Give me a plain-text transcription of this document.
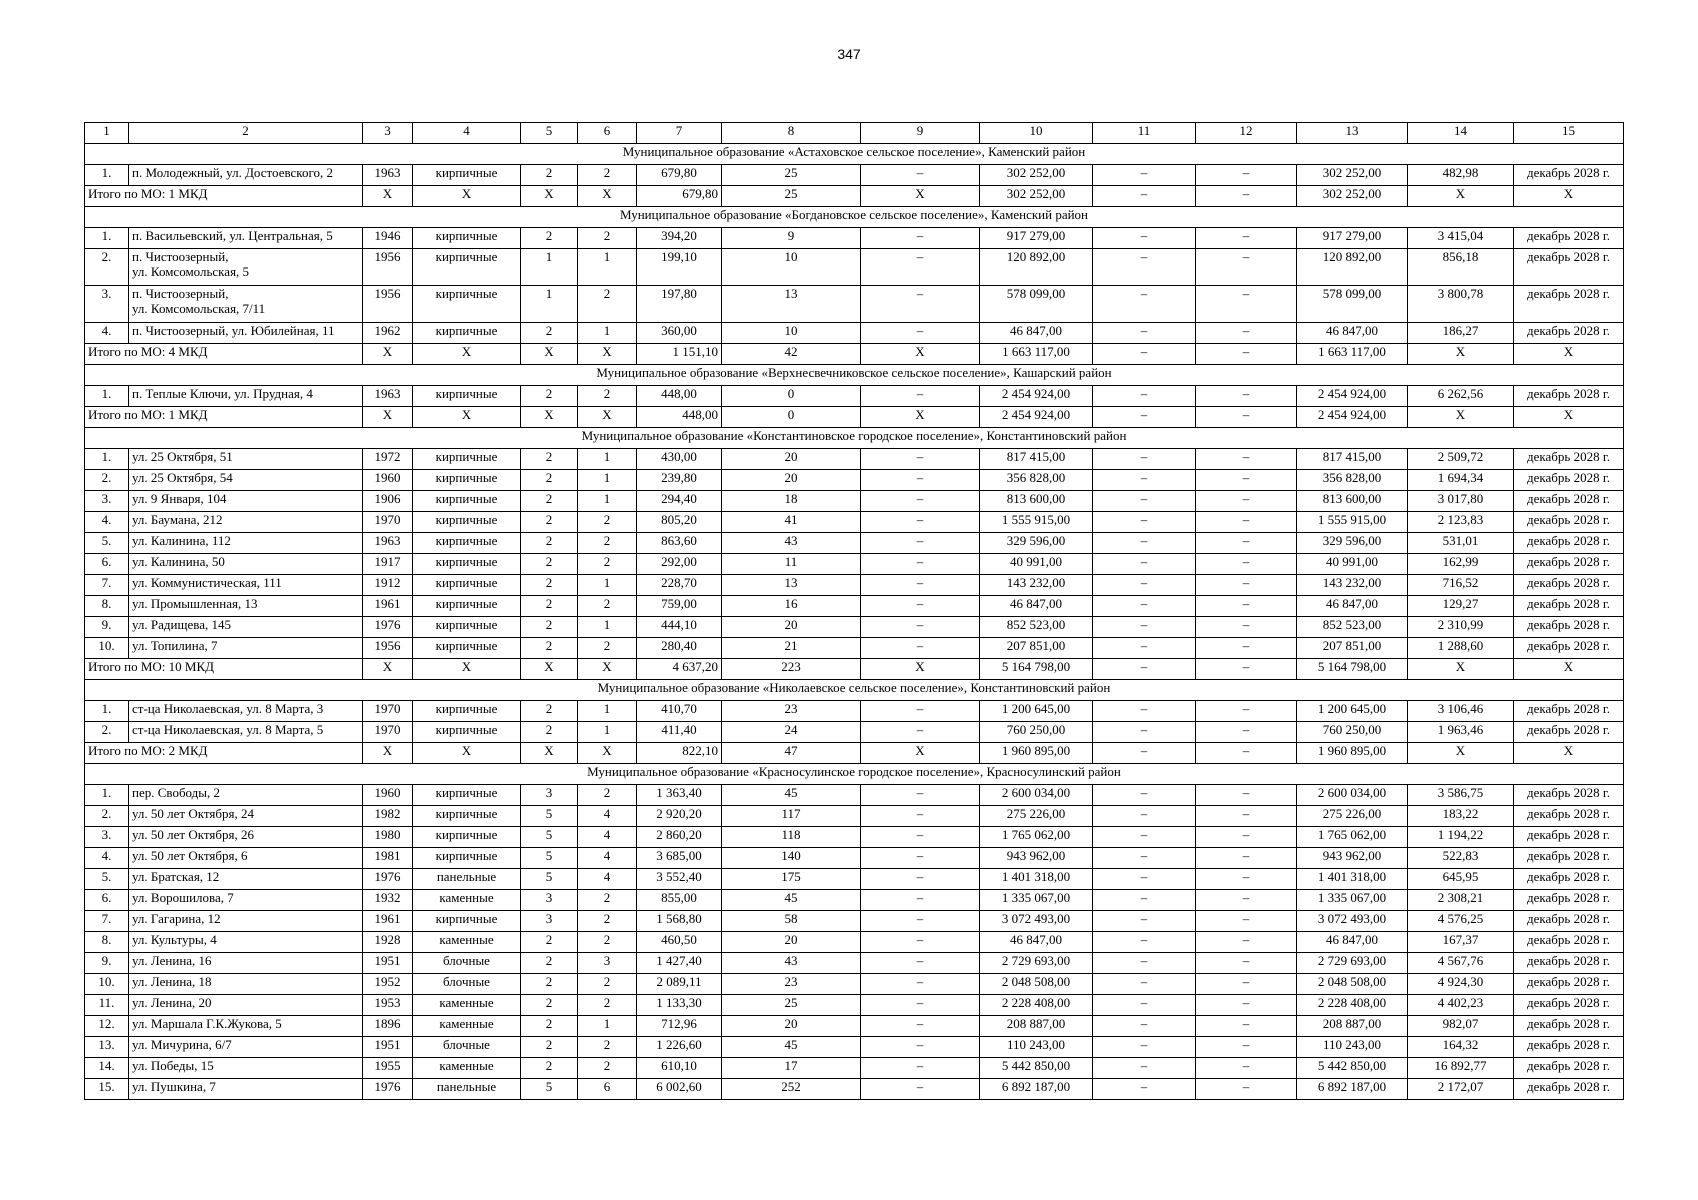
347
1	2	3	4	5	6	7	8	9	10	11	12	13	14	15
Муниципальное образование «Астаховское сельское поселение», Каменский район														
1.	п. Молодежный, ул. Достоевского, 2	1963	кирпичные	2	2	679,80	25	–	302 252,00	–	–	302 252,00	482,98	декабрь 2028 г.
Итого по МО: 1 МКД		X	X	X	X	679,80	25	X	302 252,00	–	–	302 252,00	X	X
Муниципальное образование «Богдановское сельское поселение», Каменский район														
1.	п. Васильевский, ул. Центральная, 5	1946	кирпичные	2	2	394,20	9	–	917 279,00	–	–	917 279,00	3 415,04	декабрь 2028 г.
2.	п. Чистоозерный,
ул. Комсомольская, 5	1956	кирпичные	1	1	199,10	10	–	120 892,00	–	–	120 892,00	856,18	декабрь 2028 г.
3.	п. Чистоозерный,
ул. Комсомольская, 7/11	1956	кирпичные	1	2	197,80	13	–	578 099,00	–	–	578 099,00	3 800,78	декабрь 2028 г.
4.	п. Чистоозерный, ул. Юбилейная, 11	1962	кирпичные	2	1	360,00	10	–	46 847,00	–	–	46 847,00	186,27	декабрь 2028 г.
Итого по МО: 4 МКД		X	X	X	X	1 151,10	42	X	1 663 117,00	–	–	1 663 117,00	X	X
Муниципальное образование «Верхнесвечниковское сельское поселение», Кашарский район														
1.	п. Теплые Ключи, ул. Прудная, 4	1963	кирпичные	2	2	448,00	0	–	2 454 924,00	–	–	2 454 924,00	6 262,56	декабрь 2028 г.
Итого по МО: 1 МКД		X	X	X	X	448,00	0	X	2 454 924,00	–	–	2 454 924,00	X	X
Муниципальное образование «Константиновское городское поселение», Константиновский район														
1.	ул. 25 Октября, 51	1972	кирпичные	2	1	430,00	20	–	817 415,00	–	–	817 415,00	2 509,72	декабрь 2028 г.
2.	ул. 25 Октября, 54	1960	кирпичные	2	1	239,80	20	–	356 828,00	–	–	356 828,00	1 694,34	декабрь 2028 г.
3.	ул. 9 Января, 104	1906	кирпичные	2	1	294,40	18	–	813 600,00	–	–	813 600,00	3 017,80	декабрь 2028 г.
4.	ул. Баумана, 212	1970	кирпичные	2	2	805,20	41	–	1 555 915,00	–	–	1 555 915,00	2 123,83	декабрь 2028 г.
5.	ул. Калинина, 112	1963	кирпичные	2	2	863,60	43	–	329 596,00	–	–	329 596,00	531,01	декабрь 2028 г.
6.	ул. Калинина, 50	1917	кирпичные	2	2	292,00	11	–	40 991,00	–	–	40 991,00	162,99	декабрь 2028 г.
7.	ул. Коммунистическая, 111	1912	кирпичные	2	1	228,70	13	–	143 232,00	–	–	143 232,00	716,52	декабрь 2028 г.
8.	ул. Промышленная, 13	1961	кирпичные	2	2	759,00	16	–	46 847,00	–	–	46 847,00	129,27	декабрь 2028 г.
9.	ул. Радищева, 145	1976	кирпичные	2	1	444,10	20	–	852 523,00	–	–	852 523,00	2 310,99	декабрь 2028 г.
10.	ул. Топилина, 7	1956	кирпичные	2	2	280,40	21	–	207 851,00	–	–	207 851,00	1 288,60	декабрь 2028 г.
Итого по МО: 10 МКД		X	X	X	X	4 637,20	223	X	5 164 798,00	–	–	5 164 798,00	X	X
Муниципальное образование «Николаевское сельское поселение», Константиновский район														
1.	ст-ца Николаевская, ул. 8 Марта, 3	1970	кирпичные	2	1	410,70	23	–	1 200 645,00	–	–	1 200 645,00	3 106,46	декабрь 2028 г.
2.	ст-ца Николаевская, ул. 8 Марта, 5	1970	кирпичные	2	1	411,40	24	–	760 250,00	–	–	760 250,00	1 963,46	декабрь 2028 г.
Итого по МО: 2 МКД		X	X	X	X	822,10	47	X	1 960 895,00	–	–	1 960 895,00	X	X
Муниципальное образование «Красносулинское городское поселение», Красносулинский район														
1.	пер. Свободы, 2	1960	кирпичные	3	2	1 363,40	45	–	2 600 034,00	–	–	2 600 034,00	3 586,75	декабрь 2028 г.
2.	ул. 50 лет Октября, 24	1982	кирпичные	5	4	2 920,20	117	–	275 226,00	–	–	275 226,00	183,22	декабрь 2028 г.
3.	ул. 50 лет Октября, 26	1980	кирпичные	5	4	2 860,20	118	–	1 765 062,00	–	–	1 765 062,00	1 194,22	декабрь 2028 г.
4.	ул. 50 лет Октября, 6	1981	кирпичные	5	4	3 685,00	140	–	943 962,00	–	–	943 962,00	522,83	декабрь 2028 г.
5.	ул. Братская, 12	1976	панельные	5	4	3 552,40	175	–	1 401 318,00	–	–	1 401 318,00	645,95	декабрь 2028 г.
6.	ул. Ворошилова, 7	1932	каменные	3	2	855,00	45	–	1 335 067,00	–	–	1 335 067,00	2 308,21	декабрь 2028 г.
7.	ул. Гагарина, 12	1961	кирпичные	3	2	1 568,80	58	–	3 072 493,00	–	–	3 072 493,00	4 576,25	декабрь 2028 г.
8.	ул. Культуры, 4	1928	каменные	2	2	460,50	20	–	46 847,00	–	–	46 847,00	167,37	декабрь 2028 г.
9.	ул. Ленина, 16	1951	блочные	2	3	1 427,40	43	–	2 729 693,00	–	–	2 729 693,00	4 567,76	декабрь 2028 г.
10.	ул. Ленина, 18	1952	блочные	2	2	2 089,11	23	–	2 048 508,00	–	–	2 048 508,00	4 924,30	декабрь 2028 г.
11.	ул. Ленина, 20	1953	каменные	2	2	1 133,30	25	–	2 228 408,00	–	–	2 228 408,00	4 402,23	декабрь 2028 г.
12.	ул. Маршала Г.К.Жукова, 5	1896	каменные	2	1	712,96	20	–	208 887,00	–	–	208 887,00	982,07	декабрь 2028 г.
13.	ул. Мичурина, 6/7	1951	блочные	2	2	1 226,60	45	–	110 243,00	–	–	110 243,00	164,32	декабрь 2028 г.
14.	ул. Победы, 15	1955	каменные	2	2	610,10	17	–	5 442 850,00	–	–	5 442 850,00	16 892,77	декабрь 2028 г.
15.	ул. Пушкина, 7	1976	панельные	5	6	6 002,60	252	–	6 892 187,00	–	–	6 892 187,00	2 172,07	декабрь 2028 г.
